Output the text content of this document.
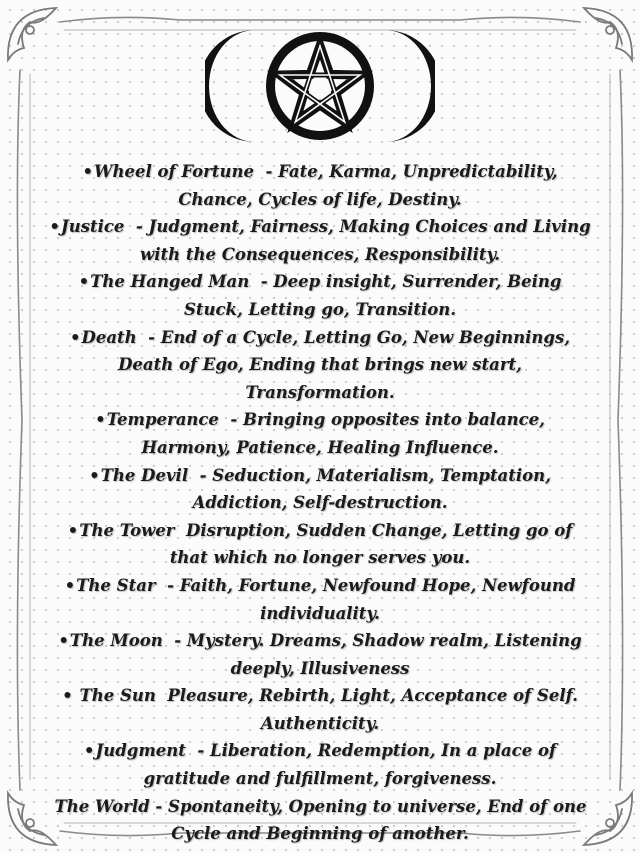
•Wheel of Fortune  - Fate, Karma, Unpredictability, Chance, Cycles of life, Destiny.

•Justice  - Judgment, Fairness, Making Choices and Living with the Consequences, Responsibility.

•The Hanged Man  - Deep insight, Surrender, Being Stuck, Letting go, Transition.

•Death  - End of a Cycle, Letting Go, New Beginnings, Death of Ego, Ending that brings new start, Transformation.

•Temperance  - Bringing opposites into balance, Harmony, Patience, Healing Influence.

•The Devil  - Seduction, Materialism, Temptation, Addiction, Self-destruction.

•The Tower Disruption, Sudden Change, Letting go of that which no longer serves you.

•The Star  - Faith, Fortune, Newfound Hope, Newfound individuality.

•The Moon  - Mystery. Dreams, Shadow realm, Listening deeply, Illusiveness

• The Sun Pleasure, Rebirth, Light, Acceptance of Self. Authenticity.

•Judgment  - Liberation, Redemption, In a place of gratitude and fulfillment, forgiveness.

The World - Spontaneity, Opening to universe, End of one Cycle and Beginning of another.
